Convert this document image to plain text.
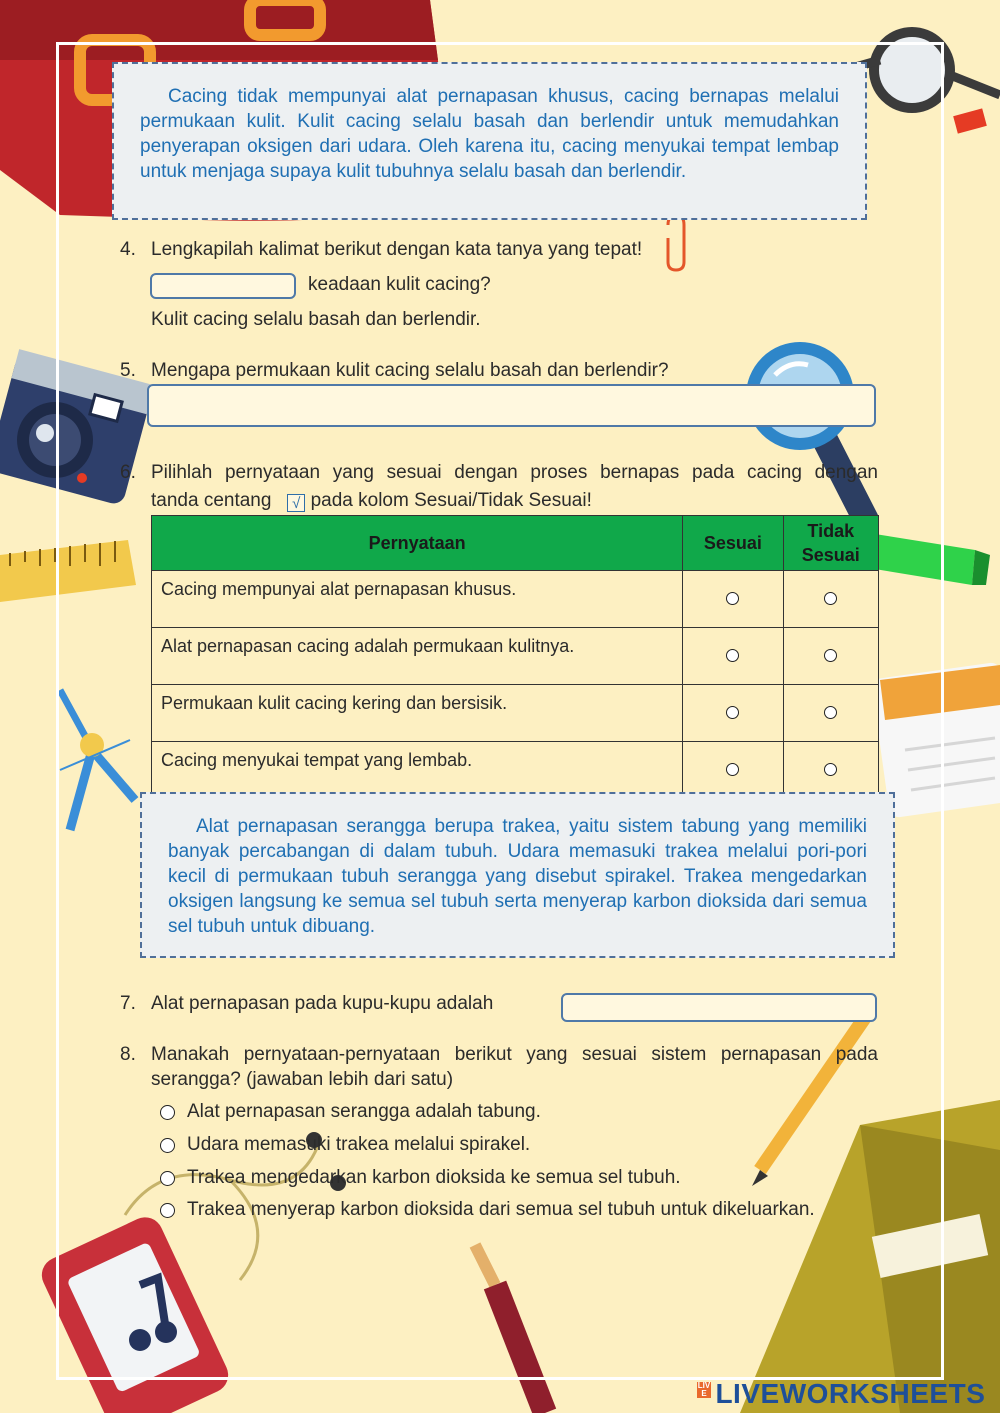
Cacing tidak mempunyai alat pernapasan khusus, cacing bernapas melalui permukaan kulit. Kulit cacing selalu basah dan berlendir untuk memudahkan penyerapan oksigen dari udara. Oleh karena itu, cacing menyukai tempat lembap untuk menjaga supaya kulit tubuhnya selalu basah dan berlendir.

4. Lengkapilah kalimat berikut dengan kata tanya yang tepat!
keadaan kulit cacing?
Kulit cacing selalu basah dan berlendir.
5. Mengapa permukaan kulit cacing selalu basah dan berlendir?
6. Pilihlah pernyataan yang sesuai dengan proses bernapas pada cacing dengan
tanda centang √ pada kolom Sesuai/Tidak Sesuai!
Pernyataan	Sesuai	Tidak Sesuai
Cacing mempunyai alat pernapasan khusus.		
Alat pernapasan cacing adalah permukaan kulitnya.		
Permukaan kulit cacing kering dan bersisik.		
Cacing menyukai tempat yang lembab.		

Alat pernapasan serangga berupa trakea, yaitu sistem tabung yang memiliki banyak percabangan di dalam tubuh. Udara memasuki trakea melalui pori-pori kecil di permukaan tubuh serangga yang disebut spirakel. Trakea mengedarkan oksigen langsung ke semua sel tubuh serta menyerap karbon dioksida dari semua sel tubuh untuk dibuang.

7. Alat pernapasan pada kupu-kupu adalah
8. Manakah pernyataan-pernyataan berikut yang sesuai sistem pernapasan pada serangga? (jawaban lebih dari satu)
Alat pernapasan serangga adalah tabung.
Udara memasuki trakea melalui spirakel.
Trakea mengedarkan karbon dioksida ke semua sel tubuh.
Trakea menyerap karbon dioksida dari semua sel tubuh untuk dikeluarkan.
LIVE LIVEWORKSHEETS
